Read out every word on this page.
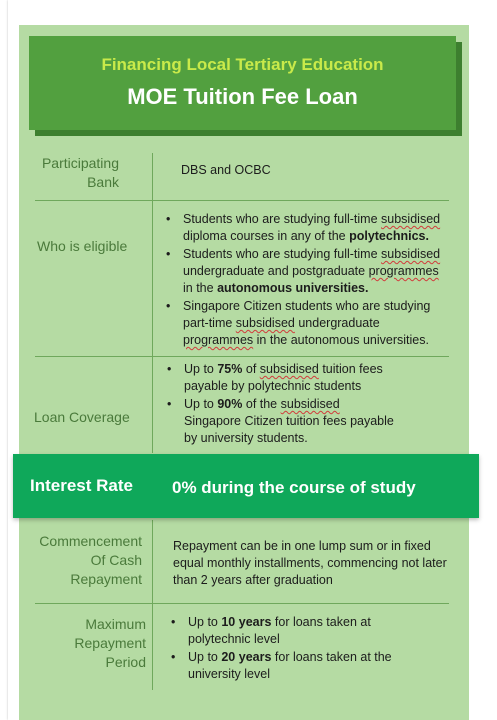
Financing Local Tertiary Education
MOE Tuition Fee Loan
Participating Bank
DBS and OCBC
Who is eligible
• Students who are studying full-time subsidised
diploma courses in any of the polytechnics.
• Students who are studying full-time subsidised
undergraduate and postgraduate programmes
in the autonomous universities.
• Singapore Citizen students who are studying
part-time subsidised undergraduate
programmes in the autonomous universities.
Loan Coverage
• Up to 75% of subsidised tuition fees
payable by polytechnic students
• Up to 90% of the subsidised
Singapore Citizen tuition fees payable
by university students.
Interest Rate 0% during the course of study
Commencement Of Cash Repayment
Repayment can be in one lump sum or in fixed equal monthly installments, commencing not later than 2 years after graduation
Maximum Repayment Period
• Up to 10 years for loans taken at
polytechnic level
• Up to 20 years for loans taken at the
university level
